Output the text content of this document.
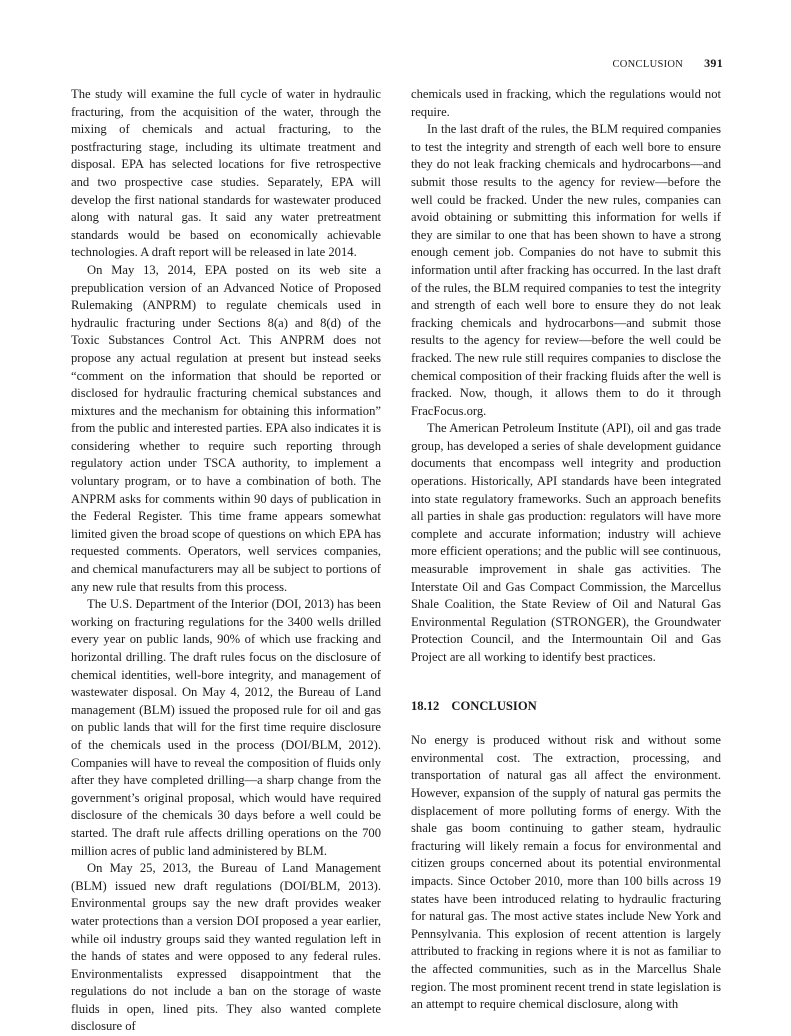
CONCLUSION 391

The study will examine the full cycle of water in hydraulic fracturing, from the acquisition of the water, through the mixing of chemicals and actual fracturing, to the postfracturing stage, including its ultimate treatment and disposal. EPA has selected locations for five retrospective and two prospective case studies. Separately, EPA will develop the first national standards for wastewater produced along with natural gas. It said any water pretreatment standards would be based on economically achievable technologies. A draft report will be released in late 2014.

On May 13, 2014, EPA posted on its web site a prepublication version of an Advanced Notice of Proposed Rulemaking (ANPRM) to regulate chemicals used in hydraulic fracturing under Sections 8(a) and 8(d) of the Toxic Substances Control Act. This ANPRM does not propose any actual regulation at present but instead seeks “comment on the information that should be reported or disclosed for hydraulic fracturing chemical substances and mixtures and the mechanism for obtaining this information” from the public and interested parties. EPA also indicates it is considering whether to require such reporting through regulatory action under TSCA authority, to implement a voluntary program, or to have a combination of both. The ANPRM asks for comments within 90 days of publication in the Federal Register. This time frame appears somewhat limited given the broad scope of questions on which EPA has requested comments. Operators, well services companies, and chemical manufacturers may all be subject to portions of any new rule that results from this process.

The U.S. Department of the Interior (DOI, 2013) has been working on fracturing regulations for the 3400 wells drilled every year on public lands, 90% of which use fracking and horizontal drilling. The draft rules focus on the disclosure of chemical identities, well-bore integrity, and management of wastewater disposal. On May 4, 2012, the Bureau of Land management (BLM) issued the proposed rule for oil and gas on public lands that will for the first time require disclosure of the chemicals used in the process (DOI/BLM, 2012). Companies will have to reveal the composition of fluids only after they have completed drilling—a sharp change from the government’s original proposal, which would have required disclosure of the chemicals 30 days before a well could be started. The draft rule affects drilling operations on the 700 million acres of public land administered by BLM.

On May 25, 2013, the Bureau of Land Management (BLM) issued new draft regulations (DOI/BLM, 2013). Environmental groups say the new draft provides weaker water protections than a version DOI proposed a year earlier, while oil industry groups said they wanted regulation left in the hands of states and were opposed to any federal rules. Environmentalists expressed disappointment that the regulations do not include a ban on the storage of waste fluids in open, lined pits. They also wanted complete disclosure of

chemicals used in fracking, which the regulations would not require.

In the last draft of the rules, the BLM required companies to test the integrity and strength of each well bore to ensure they do not leak fracking chemicals and hydrocarbons—and submit those results to the agency for review—before the well could be fracked. Under the new rules, companies can avoid obtaining or submitting this information for wells if they are similar to one that has been shown to have a strong enough cement job. Companies do not have to submit this information until after fracking has occurred. In the last draft of the rules, the BLM required companies to test the integrity and strength of each well bore to ensure they do not leak fracking chemicals and hydrocarbons—and submit those results to the agency for review—before the well could be fracked. The new rule still requires companies to disclose the chemical composition of their fracking fluids after the well is fracked. Now, though, it allows them to do it through FracFocus.org.

The American Petroleum Institute (API), oil and gas trade group, has developed a series of shale development guidance documents that encompass well integrity and production operations. Historically, API standards have been integrated into state regulatory frameworks. Such an approach benefits all parties in shale gas production: regulators will have more complete and accurate information; industry will achieve more efficient operations; and the public will see continuous, measurable improvement in shale gas activities. The Interstate Oil and Gas Compact Commission, the Marcellus Shale Coalition, the State Review of Oil and Natural Gas Environmental Regulation (STRONGER), the Groundwater Protection Council, and the Intermountain Oil and Gas Project are all working to identify best practices.

18.12 CONCLUSION

No energy is produced without risk and without some environmental cost. The extraction, processing, and transportation of natural gas all affect the environment. However, expansion of the supply of natural gas permits the displacement of more polluting forms of energy. With the shale gas boom continuing to gather steam, hydraulic fracturing will likely remain a focus for environmental and citizen groups concerned about its potential environmental impacts. Since October 2010, more than 100 bills across 19 states have been introduced relating to hydraulic fracturing for natural gas. The most active states include New York and Pennsylvania. This explosion of recent attention is largely attributed to fracking in regions where it is not as familiar to the affected communities, such as in the Marcellus Shale region. The most prominent recent trend in state legislation is an attempt to require chemical disclosure, along with
